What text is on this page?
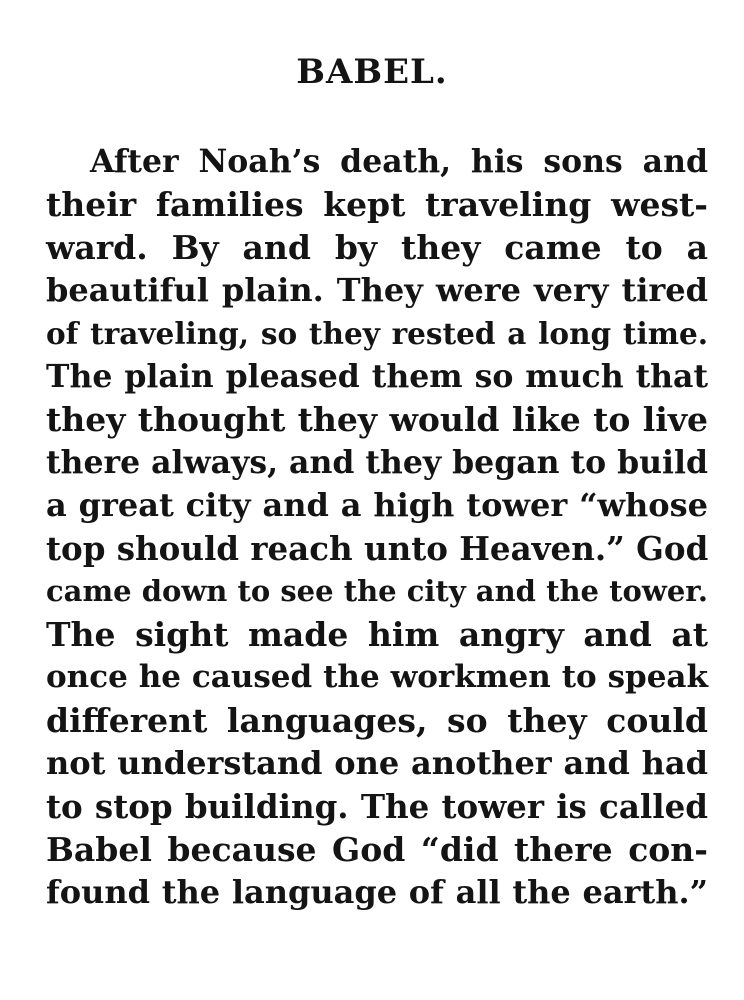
BABEL.
After Noah’s death, his sons and
their families kept traveling west-
ward. By and by they came to a
beautiful plain. They were very tired
of traveling, so they rested a long time.
The plain pleased them so much that
they thought they would like to live
there always, and they began to build
a great city and a high tower “whose
top should reach unto Heaven.” God
came down to see the city and the tower.
The sight made him angry and at
once he caused the workmen to speak
different languages, so they could
not understand one another and had
to stop building. The tower is called
Babel because God “did there con-
found the language of all the earth.”
